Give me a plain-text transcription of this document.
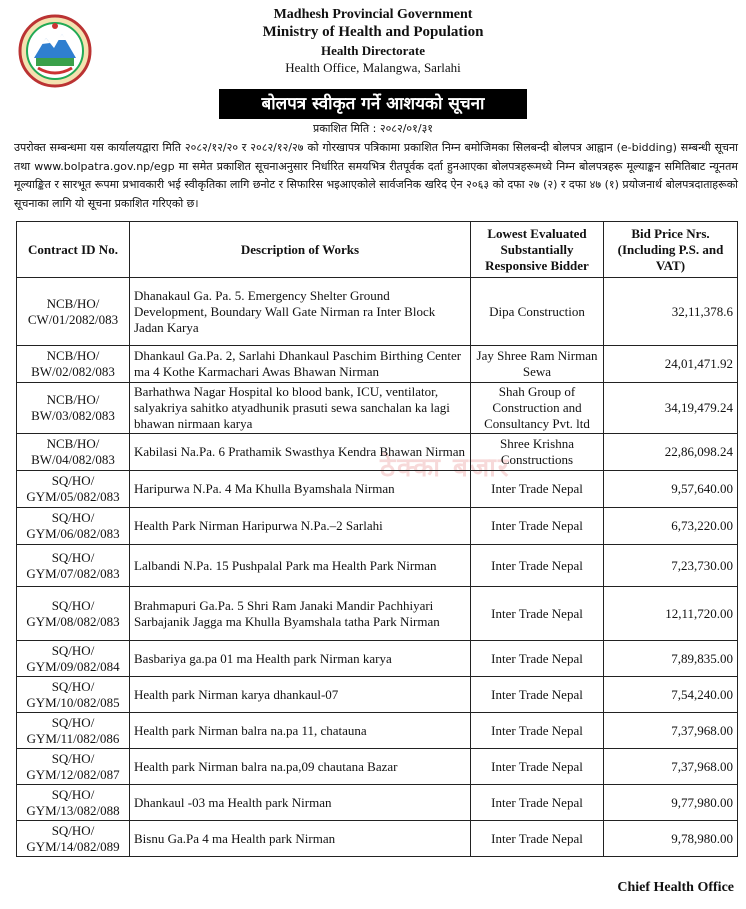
Madhesh Provincial Government
Ministry of Health and Population
Health Directorate
Health Office, Malangwa, Sarlahi
बोलपत्र स्वीकृत गर्ने आशयको सूचना
प्रकाशित मिति : २०८२/०१/३१
उपरोक्त सम्बन्धमा यस कार्यालयद्वारा मिति २०८२/१२/२० र २०८२/१२/२७ को गोरखापत्र पत्रिकामा प्रकाशित निम्न बमोजिमका सिलबन्दी बोलपत्र आह्वान (e-bidding) सम्बन्धी सूचना तथा www.bolpatra.gov.np/egp मा समेत प्रकाशित सूचनाअनुसार निर्धारित समयभित्र रीतपूर्वक दर्ता हुनआएका बोलपत्रहरूमध्ये निम्न बोलपत्रहरू मूल्याङ्कन समितिबाट न्यूनतम मूल्याङ्कित र सारभूत रूपमा प्रभावकारी भई स्वीकृतिका लागि छनोट र सिफारिस भइआएकोले सार्वजनिक खरिद ऐन २०६३ को दफा २७ (२) र दफा ४७ (१) प्रयोजनार्थ बोलपत्रदाताहरूको सूचनाका लागि यो सूचना प्रकाशित गरिएको छ।
ठेक्का बजार
Contract ID No.	Description of Works	Lowest Evaluated Substantially Responsive Bidder	Bid Price Nrs. (Including P.S. and VAT)
NCB/HO/ CW/01/2082/083	Dhanakaul Ga. Pa. 5. Emergency Shelter Ground Development, Boundary Wall Gate Nirman ra Inter Block Jadan Karya	Dipa Construction	32,11,378.6
NCB/HO/ BW/02/082/083	Dhankaul Ga.Pa. 2, Sarlahi Dhankaul Paschim Birthing Center ma 4 Kothe Karmachari Awas Bhawan Nirman	Jay Shree Ram Nirman Sewa	24,01,471.92
NCB/HO/ BW/03/082/083	Barhathwa Nagar Hospital ko blood bank, ICU, ventilator, salyakriya sahitko atyadhunik prasuti sewa sanchalan ka lagi bhawan nirmaan karya	Shah Group of Construction and Consultancy Pvt. ltd	34,19,479.24
NCB/HO/ BW/04/082/083	Kabilasi Na.Pa. 6 Prathamik Swasthya Kendra Bhawan Nirman	Shree Krishna Constructions	22,86,098.24
SQ/HO/ GYM/05/082/083	Haripurwa N.Pa. 4 Ma Khulla Byamshala Nirman	Inter Trade Nepal	9,57,640.00
SQ/HO/ GYM/06/082/083	Health Park Nirman Haripurwa N.Pa.–2 Sarlahi	Inter Trade Nepal	6,73,220.00
SQ/HO/ GYM/07/082/083	Lalbandi N.Pa. 15 Pushpalal Park ma Health Park Nirman	Inter Trade Nepal	7,23,730.00
SQ/HO/ GYM/08/082/083	Brahmapuri Ga.Pa. 5 Shri Ram Janaki Mandir Pachhiyari Sarbajanik Jagga ma Khulla Byamshala tatha Park Nirman	Inter Trade Nepal	12,11,720.00
SQ/HO/ GYM/09/082/084	Basbariya ga.pa 01 ma Health park Nirman karya	Inter Trade Nepal	7,89,835.00
SQ/HO/ GYM/10/082/085	Health park Nirman karya dhankaul-07	Inter Trade Nepal	7,54,240.00
SQ/HO/ GYM/11/082/086	Health park Nirman balra na.pa 11, chatauna	Inter Trade Nepal	7,37,968.00
SQ/HO/ GYM/12/082/087	Health park Nirman balra na.pa,09 chautana Bazar	Inter Trade Nepal	7,37,968.00
SQ/HO/ GYM/13/082/088	Dhankaul -03 ma Health park Nirman	Inter Trade Nepal	9,77,980.00
SQ/HO/ GYM/14/082/089	Bisnu Ga.Pa 4 ma Health park Nirman	Inter Trade Nepal	9,78,980.00
Chief Health Office
